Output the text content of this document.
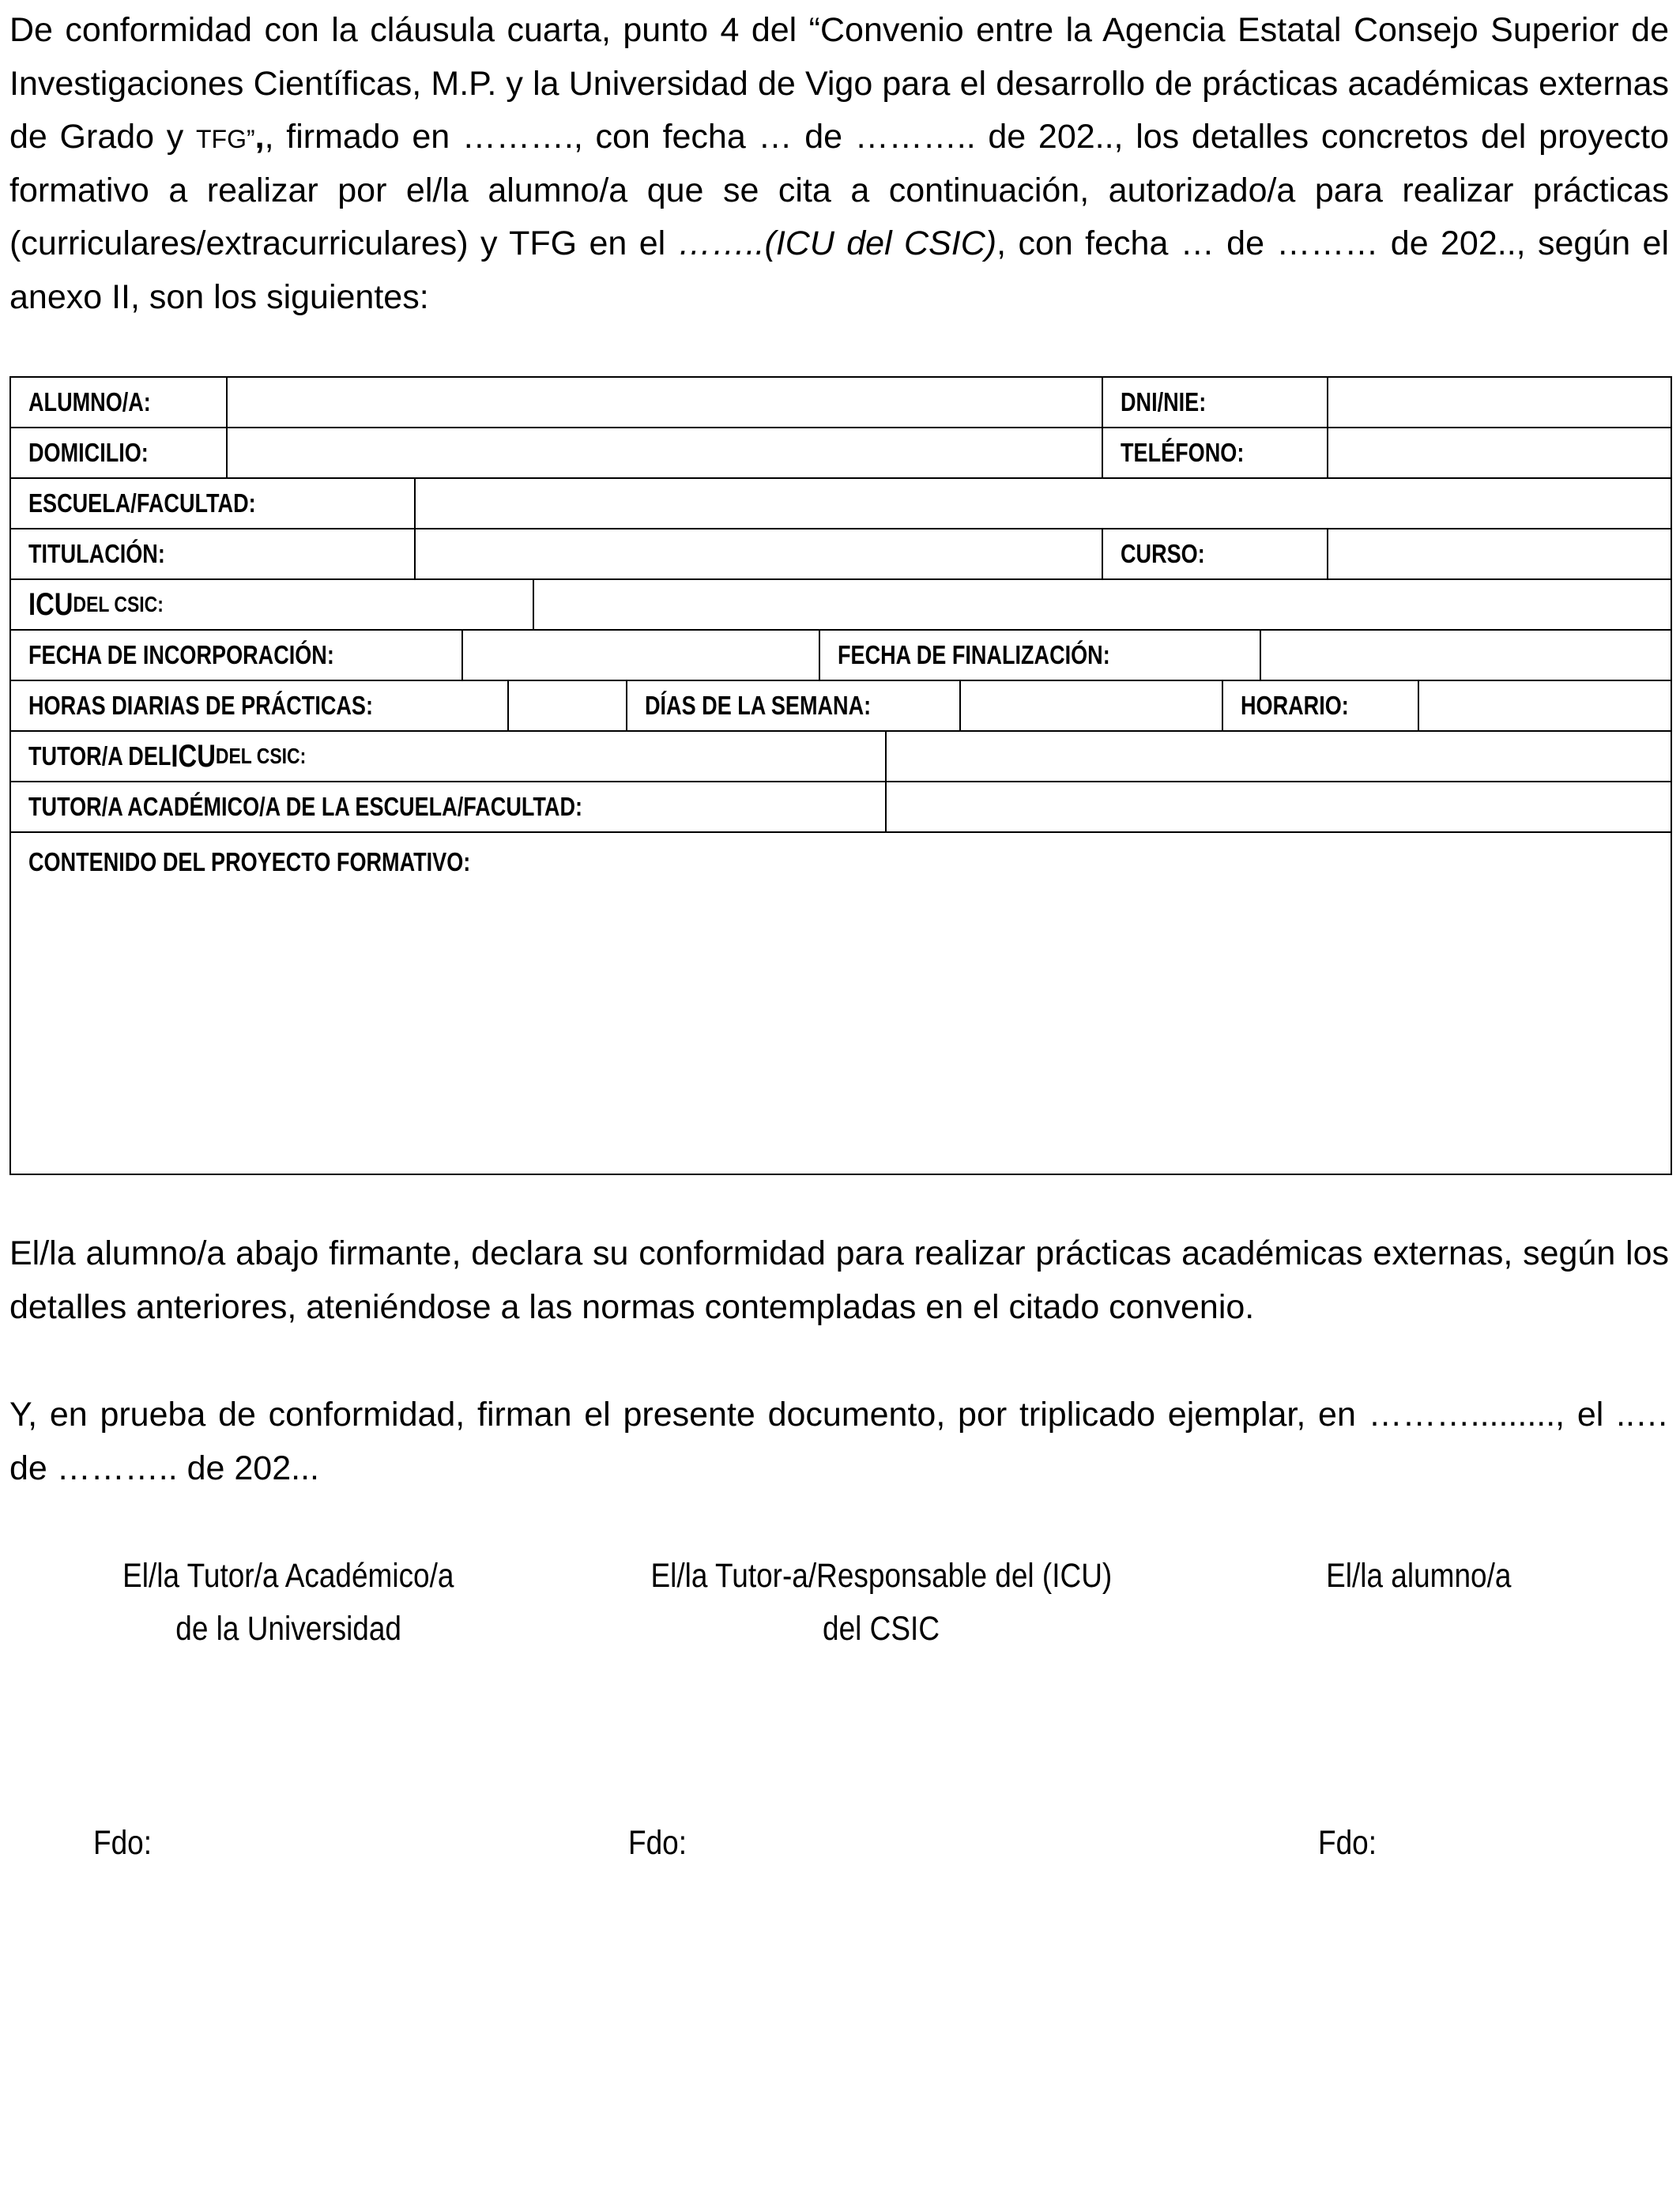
De conformidad con la cláusula cuarta, punto 4 del “Convenio entre la Agencia Estatal Consejo Superior de
Investigaciones Científicas, M.P. y la Universidad de Vigo para el desarrollo de prácticas académicas externas
de Grado y TFG”,, firmado en ………., con fecha … de ……….. de 202.., los detalles concretos del proyecto
formativo a realizar por el/la alumno/a que se cita a continuación, autorizado/a para realizar prácticas
(curriculares/extracurriculares) y TFG en el ……..(ICU del CSIC), con fecha … de ……… de 202.., según el
anexo II, son los siguientes:
ALUMNO/A:	DNI/NIE:
DOMICILIO:	TELÉFONO:
ESCUELA/FACULTAD:
TITULACIÓN:	CURSO:
ICU DEL CSIC:
FECHA DE INCORPORACIÓN:	FECHA DE FINALIZACIÓN:
HORAS DIARIAS DE PRÁCTICAS:	DÍAS DE LA SEMANA:	HORARIO:
TUTOR/A DEL ICU DEL CSIC:
TUTOR/A ACADÉMICO/A DE LA ESCUELA/FACULTAD:
CONTENIDO DEL PROYECTO FORMATIVO:
El/la alumno/a abajo firmante, declara su conformidad para realizar prácticas académicas externas, según los
detalles anteriores, ateniéndose a las normas contempladas en el citado convenio.
Y, en prueba de conformidad, firman el presente documento, por triplicado ejemplar, en ………........., el ..…
de ……….. de 202...
El/la Tutor/a Académico/a
de la Universidad
El/la Tutor-a/Responsable del (ICU)
del CSIC
El/la alumno/a
Fdo:	Fdo:	Fdo:
